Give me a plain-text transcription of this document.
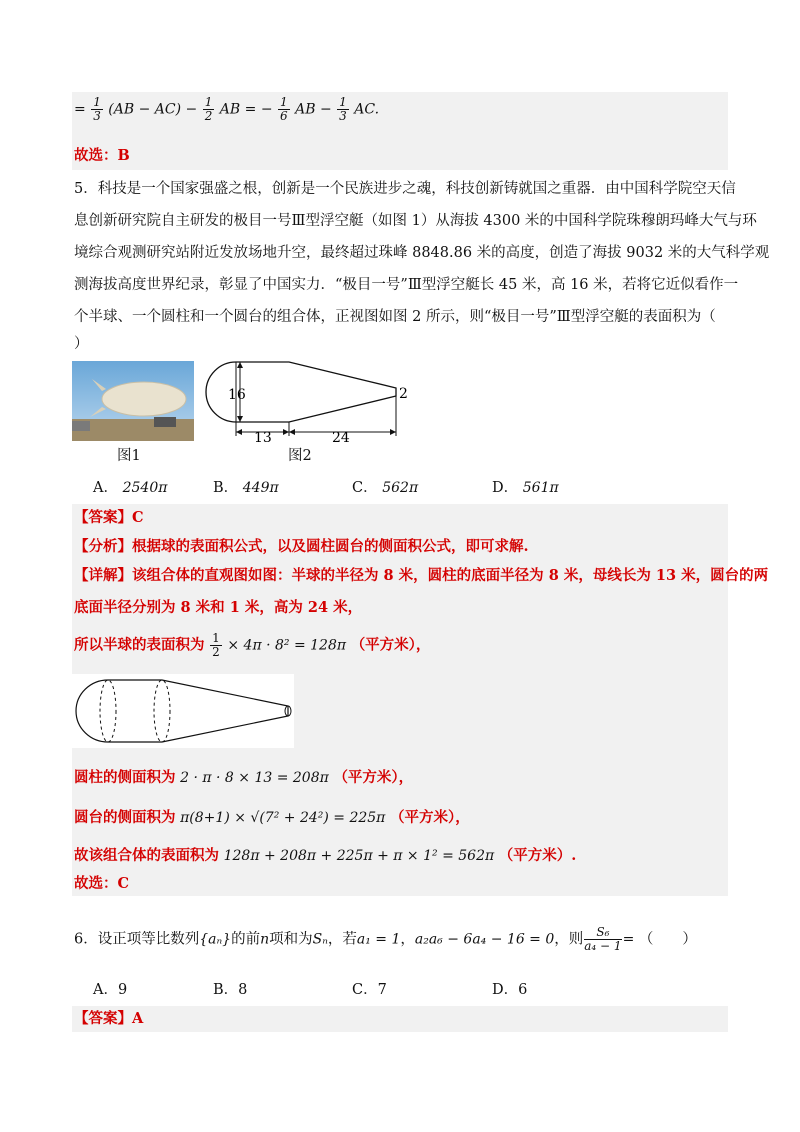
= $\frac{1}{3} (AB - AC) - \frac{1}{2}$ AB = − $\frac{1}{6}$ AB − $\frac{1}{3}$ AC.
故选：B
5．科技是一个国家强盛之根，创新是一个民族进步之魂，科技创新铸就国之重器．由中国科学院空天信
息创新研究院自主研发的极目一号Ⅲ型浮空艇（如图 1）从海拔 4300 米的中国科学院珠穆朗玛峰大气与环
境综合观测研究站附近发放场地升空，最终超过珠峰 8848.86 米的高度，创造了海拔 9032 米的大气科学观
测海拔高度世界纪录，彰显了中国实力．“极目一号”Ⅲ型浮空艇长 45 米，高 16 米，若将它近似看作一
个半球、一个圆柱和一个圆台的组合体，正视图如图 2 所示，则“极目一号”Ⅲ型浮空艇的表面积为（
）
图1
16	2
13	24
图2
A． 2540π	B． 449π	C． 562π	D． 561π
【答案】C
【分析】根据球的表面积公式，以及圆柱圆台的侧面积公式，即可求解.
【详解】该组合体的直观图如图：半球的半径为 8 米，圆柱的底面半径为 8 米，母线长为 13 米，圆台的两
底面半径分别为 8 米和 1 米，高为 24 米，
所以半球的表面积为 $\frac{1}{2} \times 4\pi \cdot 8^2 = 128\pi$ （平方米），
圆柱的侧面积为 2 · π · 8 × 13 = 208π （平方米），
圆台的侧面积为 π(8+1) × √(7² + 24²) = 225π （平方米），
故该组合体的表面积为 128π + 208π + 225π + π × 1² = 562π （平方米）.
故选：C
6．设正项等比数列{aₙ}的前n项和为Sₙ，若a₁ = 1，a₂a₆ − 6a₄ − 16 = 0，则 $\frac{\text{S₆}}{\text{a₄ − 1}}$ = （　　）
A．9	B．8	C．7	D．6
【答案】A
